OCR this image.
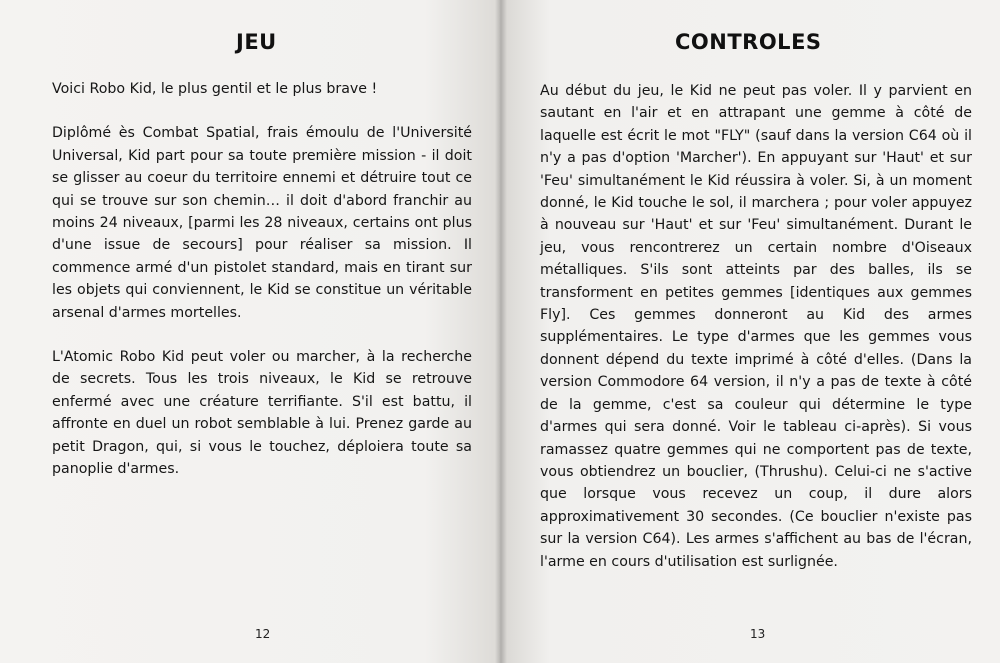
JEU

Voici Robo Kid, le plus gentil et le plus brave !

Diplômé ès Combat Spatial, frais émoulu de l'Université Universal, Kid part pour sa toute première mission - il doit se glisser au coeur du territoire ennemi et détruire tout ce qui se trouve sur son chemin… il doit d'abord franchir au moins 24 niveaux, [parmi les 28 niveaux, certains ont plus d'une issue de secours] pour réaliser sa mission. Il commence armé d'un pistolet standard, mais en tirant sur les objets qui conviennent, le Kid se constitue un véritable arsenal d'armes mortelles.

L'Atomic Robo Kid peut voler ou marcher, à la recherche de secrets. Tous les trois niveaux, le Kid se retrouve enfermé avec une créature terrifiante. S'il est battu, il affronte en duel un robot semblable à lui. Prenez garde au petit Dragon, qui, si vous le touchez, déploiera toute sa panoplie d'armes.

12
CONTROLES

Au début du jeu, le Kid ne peut pas voler. Il y parvient en sautant en l'air et en attrapant une gemme à côté de laquelle est écrit le mot "FLY" (sauf dans la version C64 où il n'y a pas d'option 'Marcher'). En appuyant sur 'Haut' et sur 'Feu' simultanément le Kid réussira à voler. Si, à un moment donné, le Kid touche le sol, il marchera ; pour voler appuyez à nouveau sur 'Haut' et sur 'Feu' simultanément. Durant le jeu, vous rencontrerez un certain nombre d'Oiseaux métalliques. S'ils sont atteints par des balles, ils se transforment en petites gemmes [identiques aux gemmes Fly]. Ces gemmes donneront au Kid des armes supplémentaires. Le type d'armes que les gemmes vous donnent dépend du texte imprimé à côté d'elles. (Dans la version Commodore 64 version, il n'y a pas de texte à côté de la gemme, c'est sa couleur qui détermine le type d'armes qui sera donné. Voir le tableau ci-après). Si vous ramassez quatre gemmes qui ne comportent pas de texte, vous obtiendrez un bouclier, (Thrushu). Celui-ci ne s'active que lorsque vous recevez un coup, il dure alors approximativement 30 secondes. (Ce bouclier n'existe pas sur la version C64). Les armes s'affichent au bas de l'écran, l'arme en cours d'utilisation est surlignée.

13
